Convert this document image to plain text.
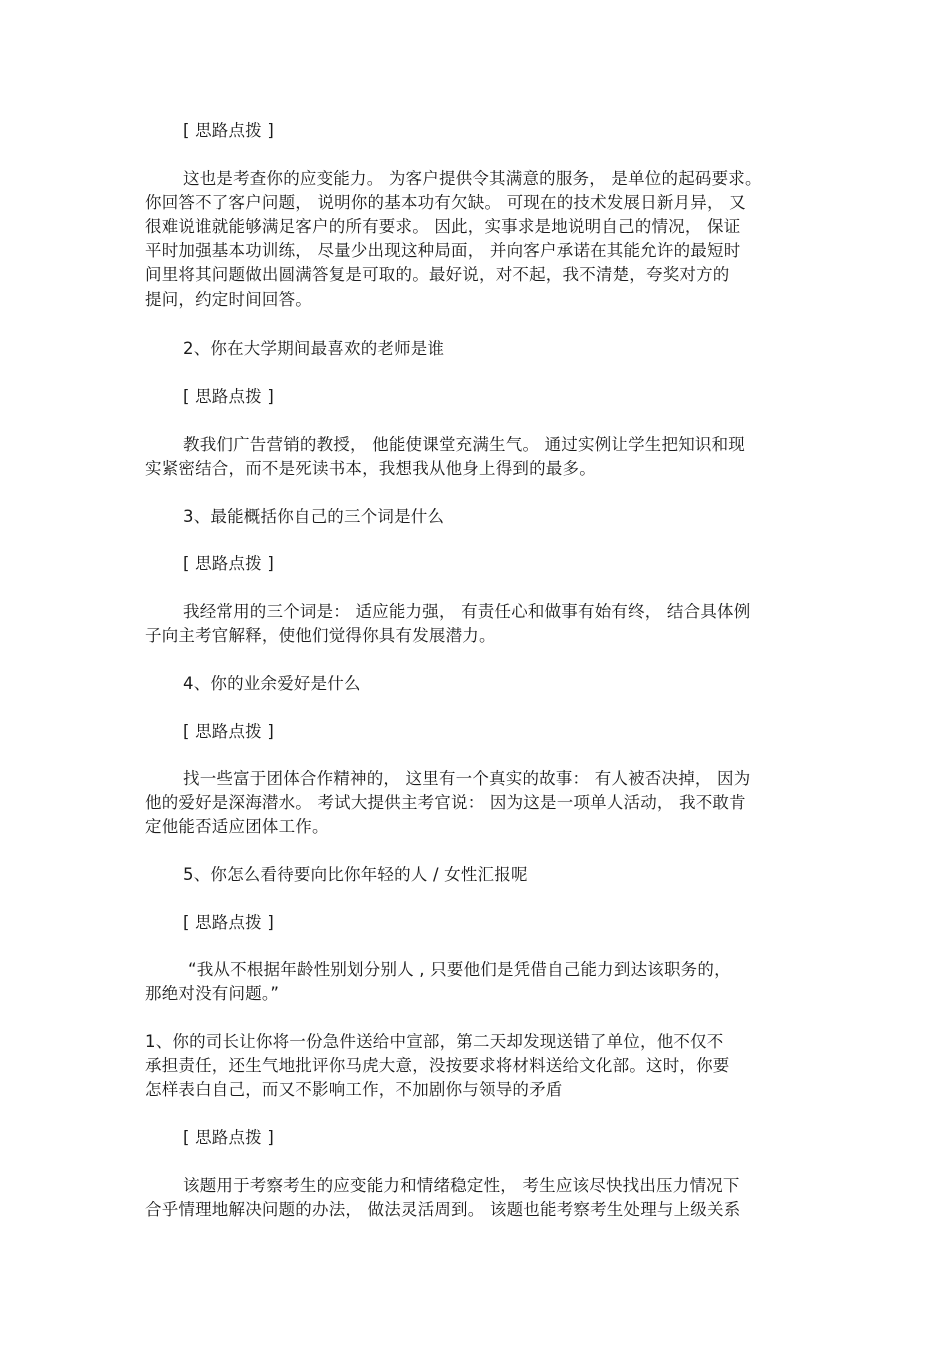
[ 思路点拨 ]
这也是考查你的应变能力。 为客户提供令其满意的服务， 是单位的起码要求。
你回答不了客户问题， 说明你的基本功有欠缺。 可现在的技术发展日新月异， 又
很难说谁就能够满足客户的所有要求。 因此，实事求是地说明自己的情况， 保证
平时加强基本功训练， 尽量少出现这种局面， 并向客户承诺在其能允许的最短时
间里将其问题做出圆满答复是可取的。最好说，对不起，我不清楚，夸奖对方的
提问，约定时间回答。
2、你在大学期间最喜欢的老师是谁
[ 思路点拨 ]
教我们广告营销的教授， 他能使课堂充满生气。 通过实例让学生把知识和现
实紧密结合，而不是死读书本，我想我从他身上得到的最多。
3、最能概括你自己的三个词是什么
[ 思路点拨 ]
我经常用的三个词是： 适应能力强， 有责任心和做事有始有终， 结合具体例
子向主考官解释，使他们觉得你具有发展潜力。
4、你的业余爱好是什么
[ 思路点拨 ]
找一些富于团体合作精神的， 这里有一个真实的故事： 有人被否决掉， 因为
他的爱好是深海潜水。 考试大提供主考官说： 因为这是一项单人活动， 我不敢肯
定他能否适应团体工作。
5、你怎么看待要向比你年轻的人 / 女性汇报呢
[ 思路点拨 ]
“我从不根据年龄性别划分别人 , 只要他们是凭借自己能力到达该职务的，
那绝对没有问题。”
1、你的司长让你将一份急件送给中宣部，第二天却发现送错了单位，他不仅不
承担责任，还生气地批评你马虎大意，没按要求将材料送给文化部。这时，你要
怎样表白自己，而又不影响工作，不加剧你与领导的矛盾
[ 思路点拨 ]
该题用于考察考生的应变能力和情绪稳定性， 考生应该尽快找出压力情况下
合乎情理地解决问题的办法， 做法灵活周到。 该题也能考察考生处理与上级关系
